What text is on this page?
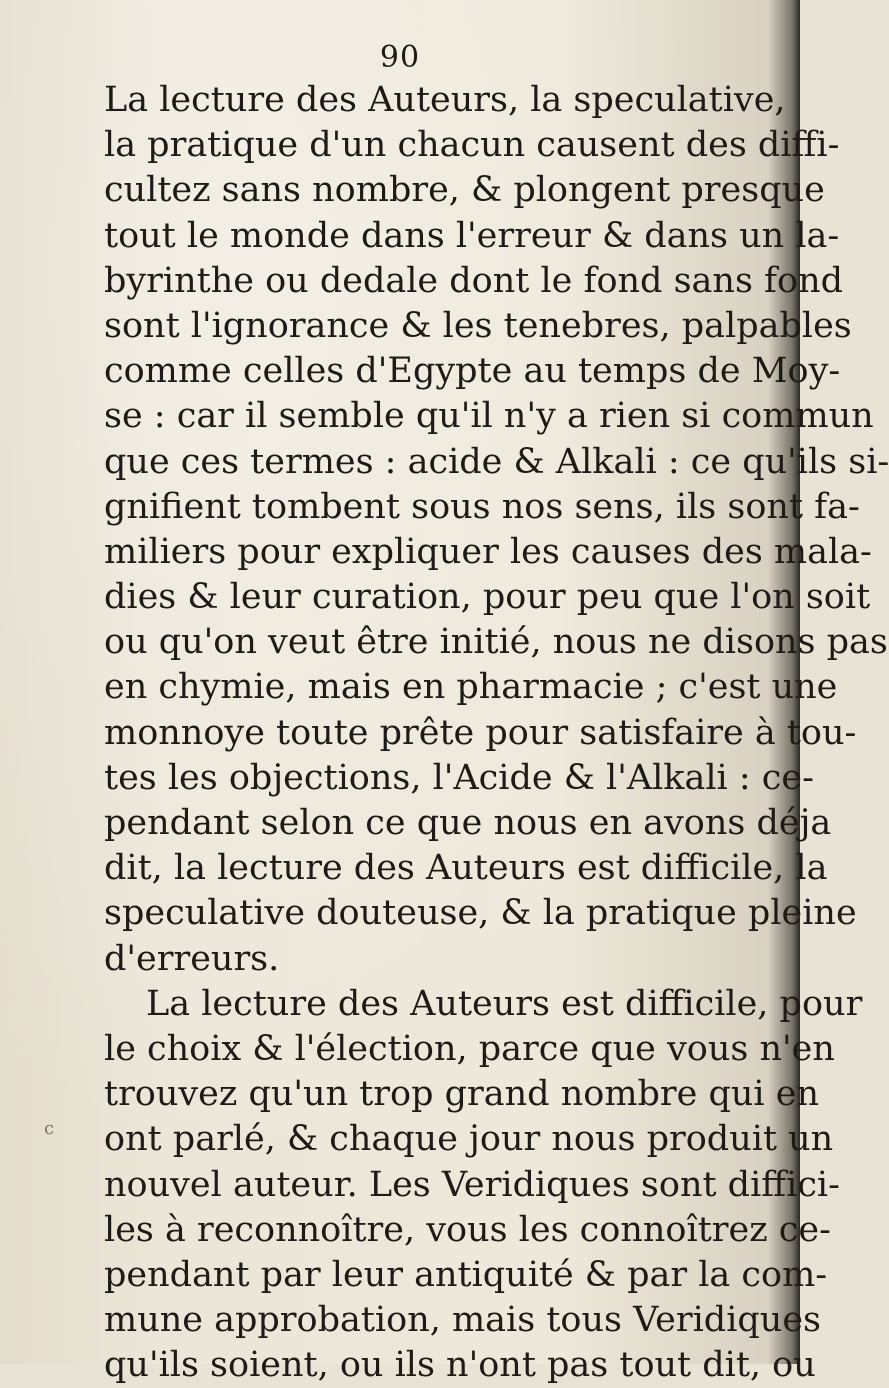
90
La lecture des Auteurs, la speculative,
la pratique d'un chacun causent des diffi-
cultez sans nombre, & plongent presque
tout le monde dans l'erreur & dans un la-
byrinthe ou dedale dont le fond sans fond
sont l'ignorance & les tenebres, palpables
comme celles d'Egypte au temps de Moy-
se : car il semble qu'il n'y a rien si commun
que ces termes : acide & Alkali : ce qu'ils si-
gnifient tombent sous nos sens, ils sont fa-
miliers pour expliquer les causes des mala-
dies & leur curation, pour peu que l'on soit
ou qu'on veut être initié, nous ne disons pas
en chymie, mais en pharmacie ; c'est une
monnoye toute prête pour satisfaire à tou-
tes les objections, l'Acide & l'Alkali : ce-
pendant selon ce que nous en avons déja
dit, la lecture des Auteurs est difficile, la
speculative douteuse, & la pratique pleine
d'erreurs.
La lecture des Auteurs est difficile, pour
le choix & l'élection, parce que vous n'en
trouvez qu'un trop grand nombre qui en
ont parlé, & chaque jour nous produit un
nouvel auteur. Les Veridiques sont diffici-
les à reconnoître, vous les connoîtrez ce-
pendant par leur antiquité & par la com-
mune approbation, mais tous Veridiques
qu'ils soient, ou ils n'ont pas tout dit, ou
c
